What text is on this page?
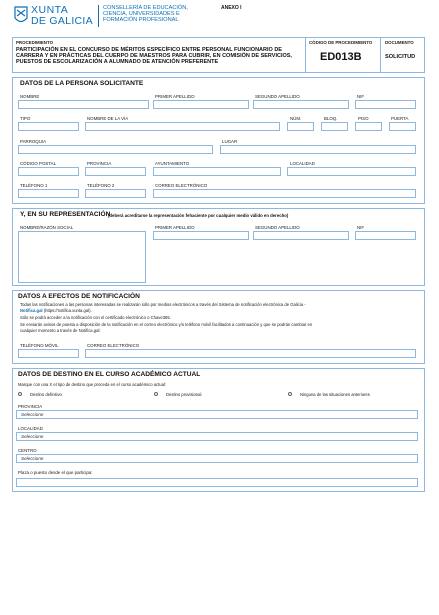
XUNTA
DE GALICIA
CONSELLERÍA DE EDUCACIÓN,
CIENCIA, UNIVERSIDADES E
FORMACIÓN PROFESIONAL
ANEXO I
PROCEDIMIENTO
PARTICIPACIÓN EN EL CONCURSO DE MÉRITOS ESPECÍFICO ENTRE PERSONAL FUNCIONARIO DE CARRERA Y EN PRÁCTICAS DEL CUERPO DE MAESTROS PARA CUBRIR, EN COMISIÓN DE SERVICIOS, PUESTOS DE ESCOLARIZACIÓN A ALUMNADO DE ATENCIÓN PREFERENTE
CÓDIGO DE PROCEDIMIENTO
ED013B
DOCUMENTO
SOLICITUD
DATOS DE LA PERSONA SOLICITANTE
NOMBRE	PRIMER APELLIDO	SEGUNDO APELLIDO	NIF
TIPO	NOMBRE DE LA VÍA	NÚM.	BLOQ.	PISO	PUERTA
PARROQUIA	LUGAR
CÓDIGO POSTAL	PROVINCIA	AYUNTAMIENTO	LOCALIDAD
TELÉFONO 1	TELÉFONO 2	CORREO ELECTRÓNICO
Y, EN SU REPRESENTACIÓN
(deberá acreditarse la representación fehaciente por cualquier medio válido en derecho)
NOMBRE/RAZÓN SOCIAL	PRIMER APELLIDO	SEGUNDO APELLIDO	NIF
DATOS A EFECTOS DE NOTIFICACIÓN
Todas las notificaciones a las personas interesadas se realizarán sólo por medios electrónicos a través del Sistema de notificación electrónica de Galicia -
Notifica.gal (https://notifica.xunta.gal).
Sólo se podrá acceder a la notificación con el certificado electrónico o Chave365.
Se enviarán avisos de puesta a disposición de la notificación en el correo electrónico y/o teléfono móvil facilitados a continuación y que se podrán cambiar en
cualquier momento a través de Notifica.gal:
TELÉFONO MÓVIL	CORREO ELECTRÓNICO
DATOS DE DESTINO EN EL CURSO ACADÉMICO ACTUAL
Marque con una X el tipo de destino que proceda en el curso académico actual:
Destino definitivo	Destino provisional	Ninguna de las situaciones anteriores
PROVINCIA
Seleccione
LOCALIDAD
Seleccione
CENTRO
Seleccione
Plaza o puesto desde el que participa:
